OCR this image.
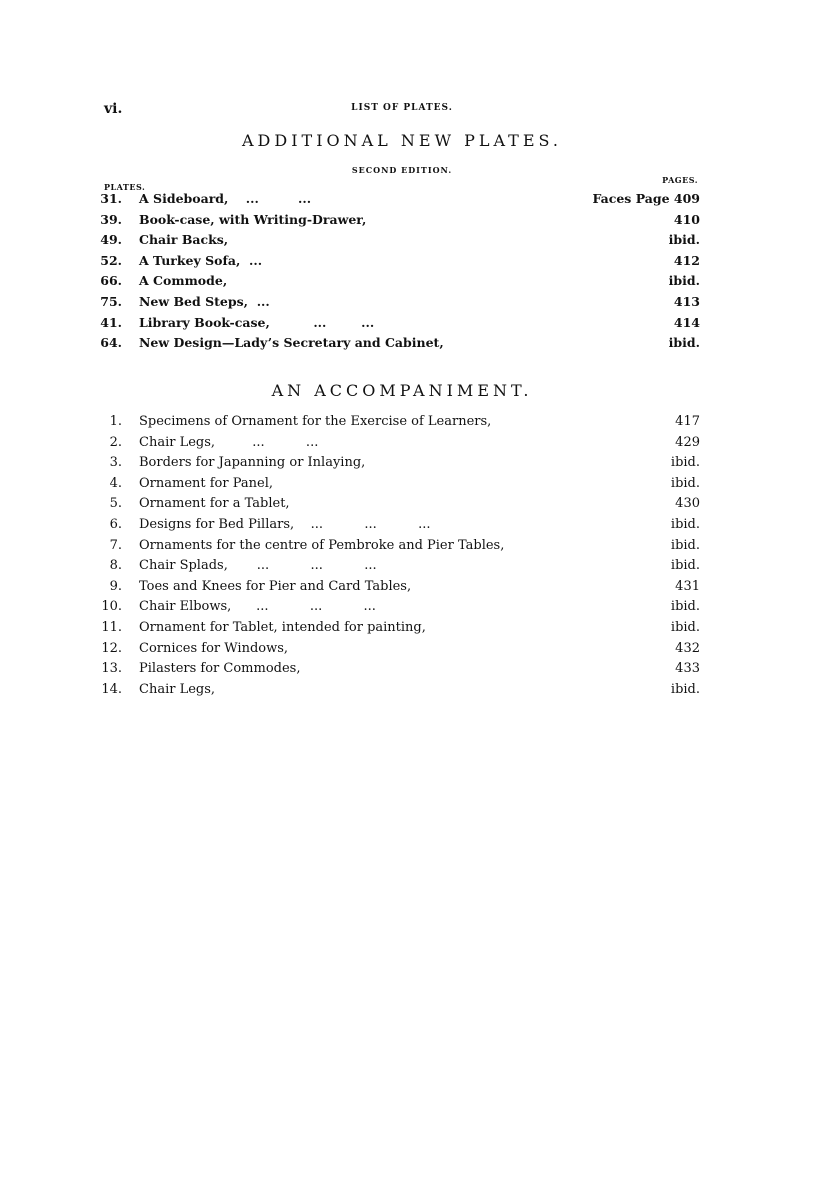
vi.	LIST OF PLATES.
ADDITIONAL NEW PLATES.
SECOND EDITION.
PLATES.
PAGES.
31. A Sideboard,    ...         ...	Faces Page 409
39. Book-case, with Writing-Drawer,	410
49. Chair Backs,	ibid.
52. A Turkey Sofa,  ...	412
66. A Commode,	ibid.
75. New Bed Steps,  ...	413
41. Library Book-case,          ...        ...	414
64. New Design—Lady’s Secretary and Cabinet,	ibid.
AN ACCOMPANIMENT.
1. Specimens of Ornament for the Exercise of Learners,	417
2. Chair Legs,         ...          ...	429
3. Borders for Japanning or Inlaying,	ibid.
4. Ornament for Panel,	ibid.
5. Ornament for a Tablet,	430
6. Designs for Bed Pillars,    ...          ...          ...	ibid.
7. Ornaments for the centre of Pembroke and Pier Tables,	ibid.
8. Chair Splads,       ...          ...          ...	ibid.
9. Toes and Knees for Pier and Card Tables,	431
10. Chair Elbows,      ...          ...          ...	ibid.
11. Ornament for Tablet, intended for painting,	ibid.
12. Cornices for Windows,	432
13. Pilasters for Commodes,	433
14. Chair Legs,	ibid.
